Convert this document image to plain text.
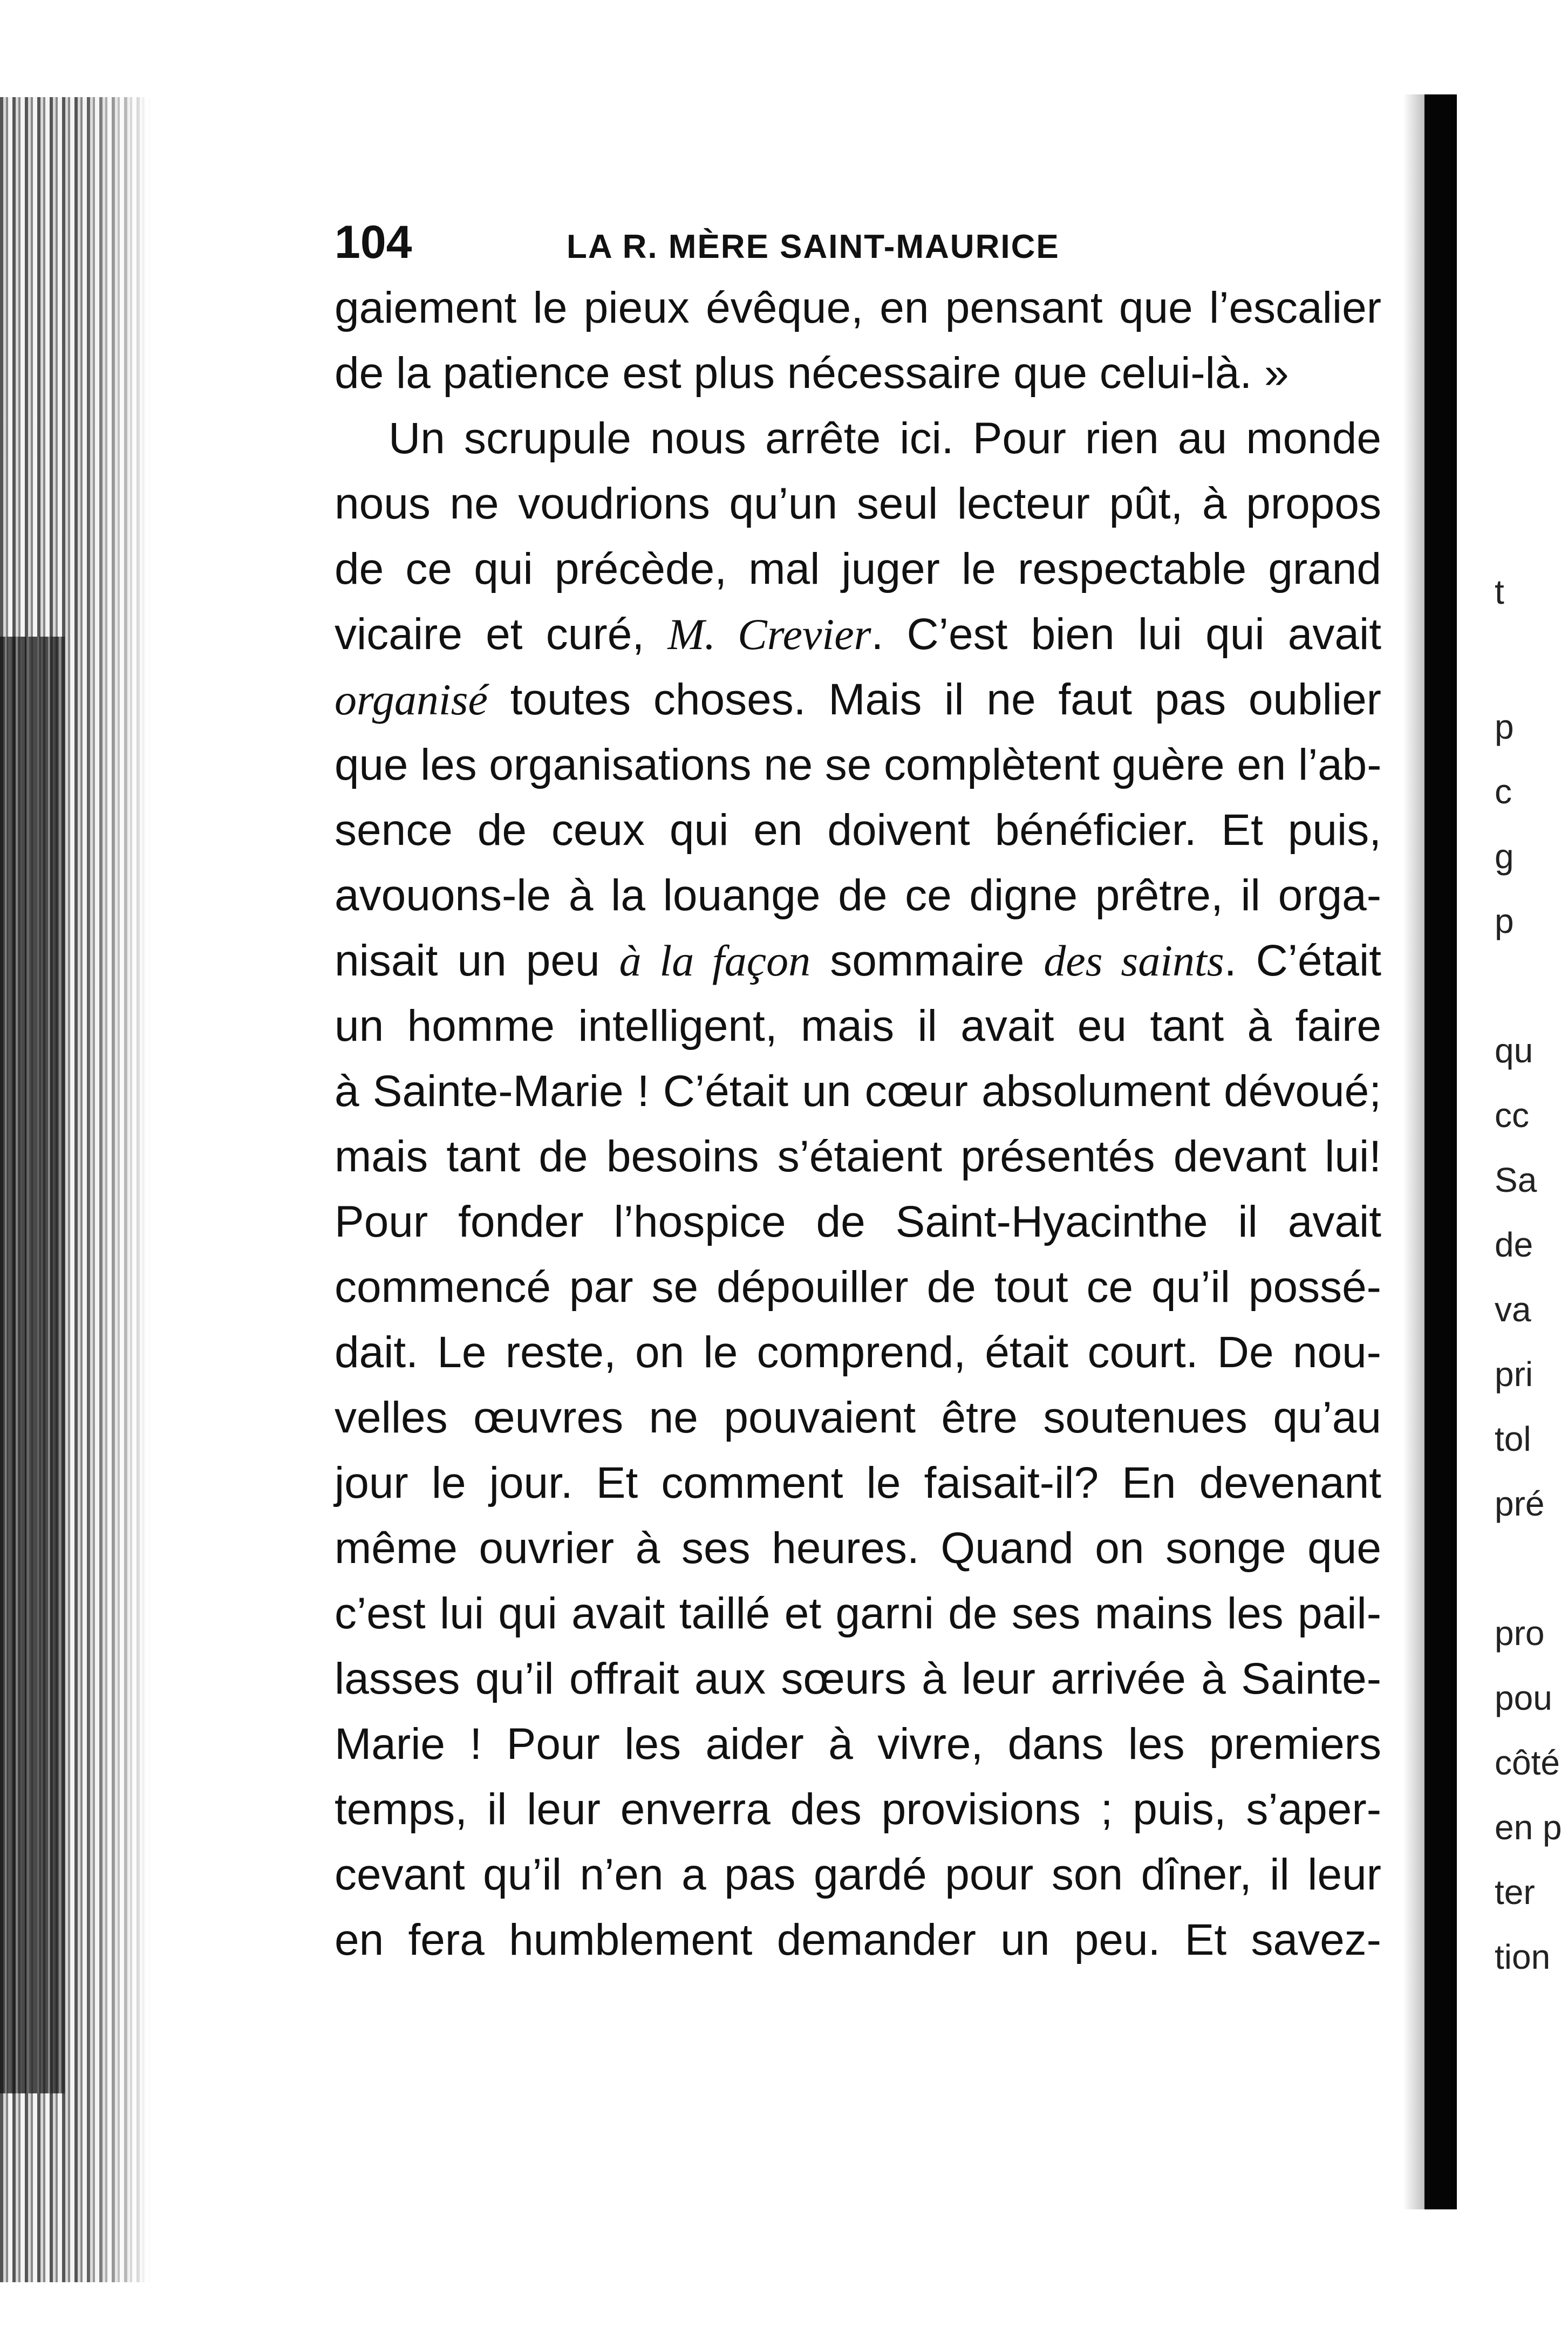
104	LA R. MÈRE SAINT-MAURICE
gaiement le pieux évêque, en pensant que l’escalier
de la patience est plus nécessaire que celui-là. »
Un scrupule nous arrête ici. Pour rien au monde
nous ne voudrions qu’un seul lecteur pût, à propos
de ce qui précède, mal juger le respectable grand
vicaire et curé, M. Crevier. C’est bien lui qui avait
organisé toutes choses. Mais il ne faut pas oublier
que les organisations ne se complètent guère en l’ab-
sence de ceux qui en doivent bénéficier. Et puis,
avouons-le à la louange de ce digne prêtre, il orga-
nisait un peu à la façon sommaire des saints. C’était
un homme intelligent, mais il avait eu tant à faire
à Sainte-Marie ! C’était un cœur absolument dévoué;
mais tant de besoins s’étaient présentés devant lui!
Pour fonder l’hospice de Saint-Hyacinthe il avait
commencé par se dépouiller de tout ce qu’il possé-
dait. Le reste, on le comprend, était court. De nou-
velles œuvres ne pouvaient être soutenues qu’au
jour le jour. Et comment le faisait-il? En devenant
même ouvrier à ses heures. Quand on songe que
c’est lui qui avait taillé et garni de ses mains les pail-
lasses qu’il offrait aux sœurs à leur arrivée à Sainte-
Marie ! Pour les aider à vivre, dans les premiers
temps, il leur enverra des provisions ; puis, s’aper-
cevant qu’il n’en a pas gardé pour son dîner, il leur
en fera humblement demander un peu. Et savez-
t
p
c
g
p
qu
cc
Sa
de
va
pri
tol
pré
pro
pou
côté
en p
ter
tion
